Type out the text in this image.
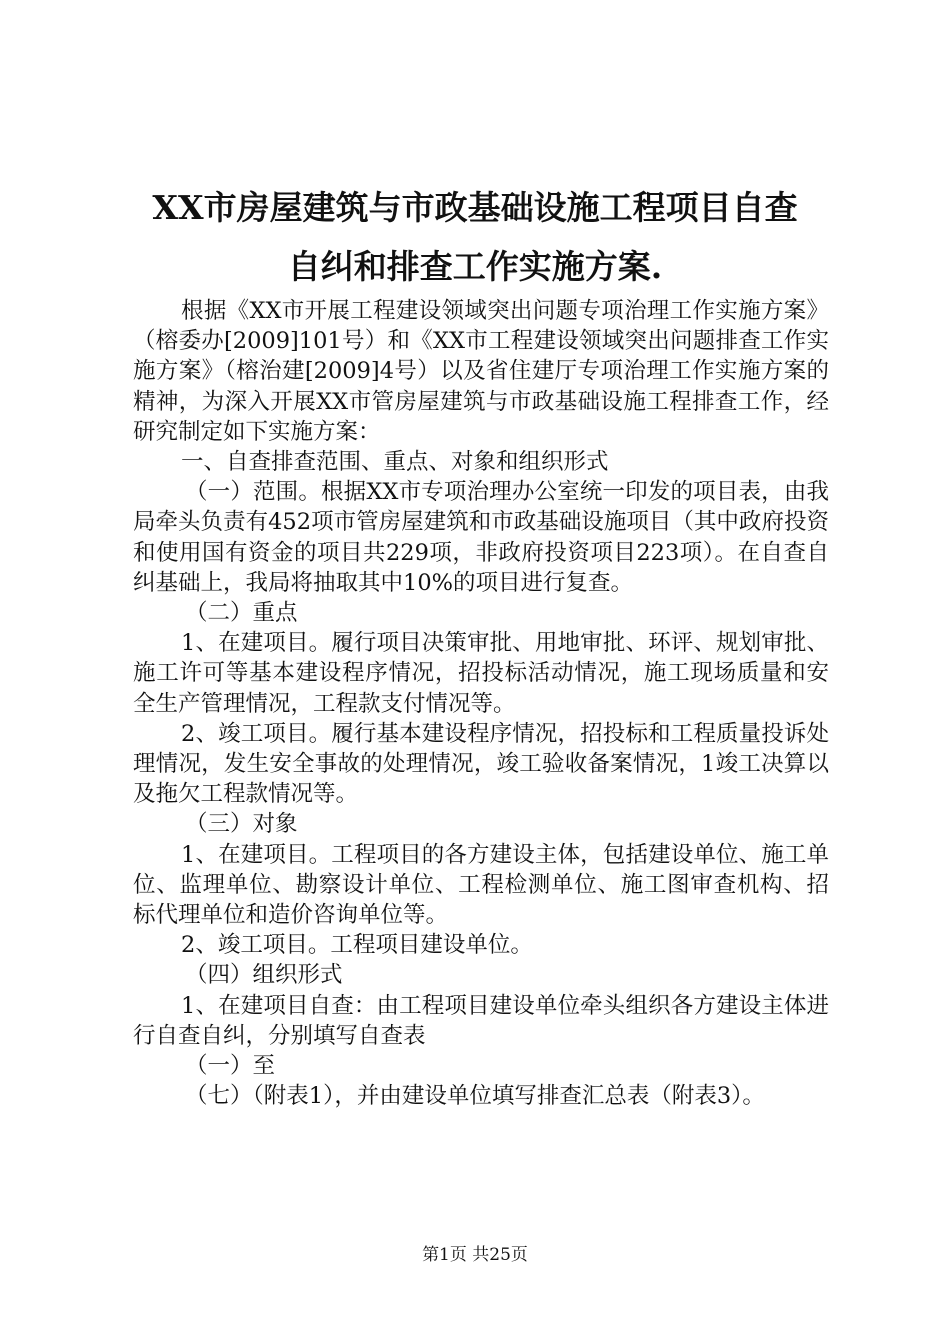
XX市房屋建筑与市政基础设施工程项目自查
自纠和排查工作实施方案.

根据《XX市开展工程建设领域突出问题专项治理工作实施方案》（榕委办[2009]101号）和《XX市工程建设领域突出问题排查工作实施方案》（榕治建[2009]4号）以及省住建厅专项治理工作实施方案的精神，为深入开展XX市管房屋建筑与市政基础设施工程排查工作，经研究制定如下实施方案：

一、自查排查范围、重点、对象和组织形式

（一）范围。根据XX市专项治理办公室统一印发的项目表，由我局牵头负责有452项市管房屋建筑和市政基础设施项目（其中政府投资和使用国有资金的项目共229项，非政府投资项目223项）。在自查自纠基础上，我局将抽取其中10%的项目进行复查。

（二）重点

1、在建项目。履行项目决策审批、用地审批、环评、规划审批、施工许可等基本建设程序情况，招投标活动情况，施工现场质量和安全生产管理情况，工程款支付情况等。

2、竣工项目。履行基本建设程序情况，招投标和工程质量投诉处理情况，发生安全事故的处理情况，竣工验收备案情况，1竣工决算以及拖欠工程款情况等。

（三）对象

1、在建项目。工程项目的各方建设主体，包括建设单位、施工单位、监理单位、勘察设计单位、工程检测单位、施工图审查机构、招标代理单位和造价咨询单位等。

2、竣工项目。工程项目建设单位。

（四）组织形式

1、在建项目自查：由工程项目建设单位牵头组织各方建设主体进行自查自纠，分别填写自查表

（一）至

（七）（附表1），并由建设单位填写排查汇总表（附表3）。

第1页 共25页
